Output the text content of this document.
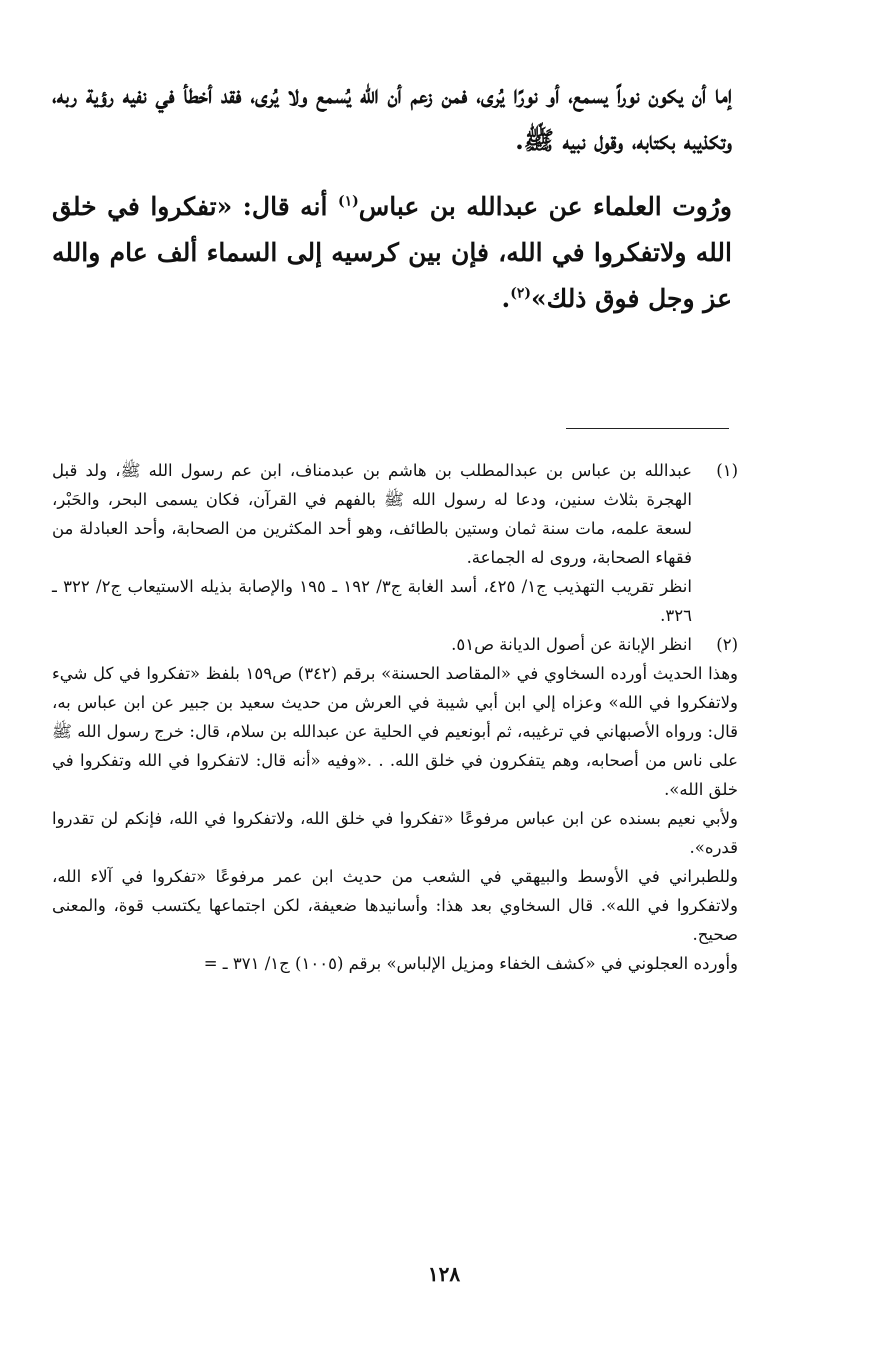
إما أن يكون نوراً يسمع، أو نورًا يُرى، فمن زعم أن الله يُسمع ولا يُرى، فقد أخطأ في نفيه رؤية ربه، وتكذيبه بكتابه، وقول نبيه ﷺ.

ورُوت العلماء عن عبدالله بن عباس$^{(١)}$ أنه قال: «تفكروا في خلق الله ولاتفكروا في الله، فإن بين كرسيه إلى السماء ألف عام والله عز وجل فوق ذلك»$^{(٢)}$.

(١)

عبدالله بن عباس بن عبدالمطلب بن هاشم بن عبدمناف، ابن عم رسول الله ﷺ، ولد قبل الهجرة بثلاث سنين، ودعا له رسول الله ﷺ بالفهم في القرآن، فكان يسمى البحر، والحَبْر، لسعة علمه، مات سنة ثمان وستين بالطائف، وهو أحد المكثرين من الصحابة، وأحد العبادلة من فقهاء الصحابة، وروى له الجماعة.

انظر تقريب التهذيب ج١/ ٤٢٥، أسد الغابة ج٣/ ١٩٢ ـ ١٩٥ والإصابة بذيله الاستيعاب ج٢/ ٣٢٢ ـ ٣٢٦.

(٢)

انظر الإبانة عن أصول الديانة ص٥١.

وهذا الحديث أورده السخاوي في «المقاصد الحسنة» برقم (٣٤٢) ص١٥٩ بلفظ «تفكروا في كل شيء ولاتفكروا في الله» وعزاه إلي ابن أبي شيبة في العرش من حديث سعيد بن جبير عن ابن عباس به، قال: ورواه الأصبهاني في ترغيبه، ثم أبونعيم في الحلية عن عبدالله بن سلام، قال: خرج رسول الله ﷺ على ناس من أصحابه، وهم يتفكرون في خلق الله. . .«وفيه «أنه قال: لاتفكروا في الله وتفكروا في خلق الله».

ولأبي نعيم بسنده عن ابن عباس مرفوعًا «تفكروا في خلق الله، ولاتفكروا في الله، فإنكم لن تقدروا قدره».

وللطبراني في الأوسط والبيهقي في الشعب من حديث ابن عمر مرفوعًا «تفكروا في آلاء الله، ولاتفكروا في الله». قال السخاوي بعد هذا: وأسانيدها ضعيفة، لكن اجتماعها يكتسب قوة، والمعنى صحيح.

وأورده العجلوني في «كشف الخفاء ومزيل الإلباس» برقم (١٠٠٥) ج١/ ٣٧١ ـ =

١٢٨
